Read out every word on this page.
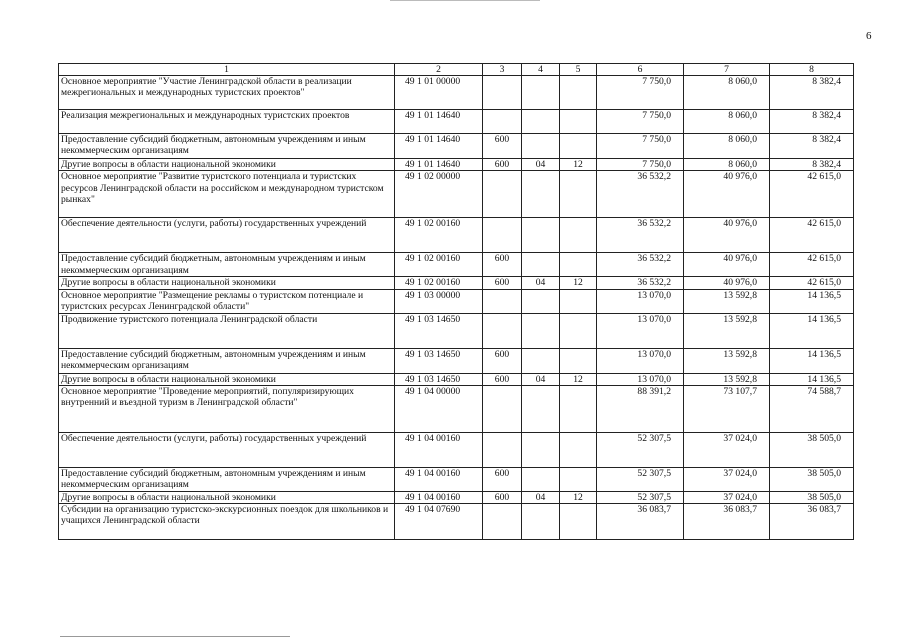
6
1	2	3	4	5	6	7	8
Основное мероприятие "Участие Ленинградской области в реализации межрегиональных и международных туристских проектов"	49 1 01 00000				7 750,0	8 060,0	8 382,4
Реализация межрегиональных и международных туристских проектов	49 1 01 14640				7 750,0	8 060,0	8 382,4
Предоставление субсидий бюджетным, автономным учреждениям и иным некоммерческим организациям	49 1 01 14640	600			7 750,0	8 060,0	8 382,4
Другие вопросы в области национальной экономики	49 1 01 14640	600	04	12	7 750,0	8 060,0	8 382,4
Основное мероприятие "Развитие туристского потенциала и туристских ресурсов Ленинградской области на российском и международном туристском рынках"	49 1 02 00000				36 532,2	40 976,0	42 615,0
Обеспечение деятельности (услуги, работы) государственных учреждений	49 1 02 00160				36 532,2	40 976,0	42 615,0
Предоставление субсидий бюджетным, автономным учреждениям и иным некоммерческим организациям	49 1 02 00160	600			36 532,2	40 976,0	42 615,0
Другие вопросы в области национальной экономики	49 1 02 00160	600	04	12	36 532,2	40 976,0	42 615,0
Основное мероприятие "Размещение рекламы о туристском потенциале и туристских ресурсах Ленинградской области"	49 1 03 00000				13 070,0	13 592,8	14 136,5
Продвижение туристского потенциала Ленинградской области	49 1 03 14650				13 070,0	13 592,8	14 136,5
Предоставление субсидий бюджетным, автономным учреждениям и иным некоммерческим организациям	49 1 03 14650	600			13 070,0	13 592,8	14 136,5
Другие вопросы в области национальной экономики	49 1 03 14650	600	04	12	13 070,0	13 592,8	14 136,5
Основное мероприятие "Проведение мероприятий, популяризирующих внутренний и въездной туризм в Ленинградской области"	49 1 04 00000				88 391,2	73 107,7	74 588,7
Обеспечение деятельности (услуги, работы) государственных учреждений	49 1 04 00160				52 307,5	37 024,0	38 505,0
Предоставление субсидий бюджетным, автономным учреждениям и иным некоммерческим организациям	49 1 04 00160	600			52 307,5	37 024,0	38 505,0
Другие вопросы в области национальной экономики	49 1 04 00160	600	04	12	52 307,5	37 024,0	38 505,0
Субсидии на организацию туристско-экскурсионных поездок для школьников и учащихся Ленинградской области	49 1 04 07690				36 083,7	36 083,7	36 083,7
